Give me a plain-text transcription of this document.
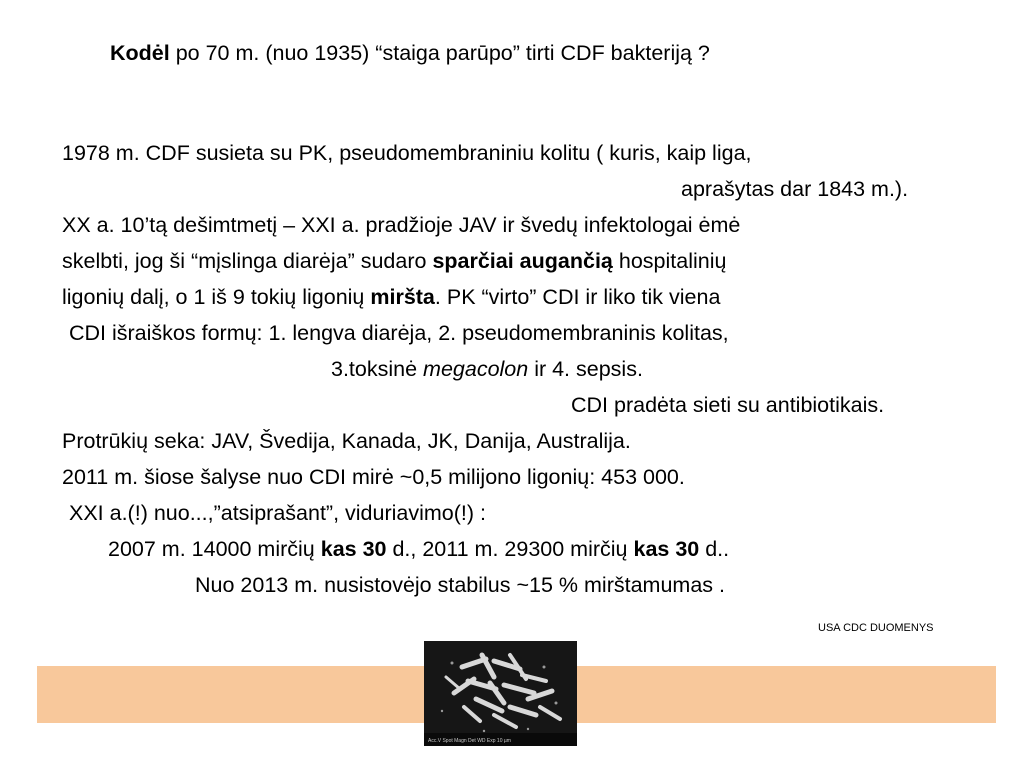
Kodėl po 70 m. (nuo 1935) “staiga parūpo” tirti CDF bakteriją ?
1978 m. CDF susieta su PK, pseudomembraniniu kolitu ( kuris, kaip liga,
aprašytas dar 1843 m.).
XX a. 10’tą dešimtmetį – XXI a. pradžioje JAV ir švedų infektologai ėmė
skelbti, jog ši “mįslinga diarėja” sudaro sparčiai augančią hospitalinių
ligonių dalį, o 1 iš 9 tokių ligonių miršta. PK “virto” CDI ir liko tik viena
CDI išraiškos formų: 1. lengva diarėja, 2. pseudomembraninis kolitas,
3.toksinė megacolon ir 4. sepsis.
CDI pradėta sieti su antibiotikais.
Protrūkių seka: JAV, Švedija, Kanada, JK, Danija, Australija.
2011 m. šiose šalyse nuo CDI mirė ~0,5 milijono ligonių: 453 000.
XXI a.(!) nuo...,”atsiprašant”, viduriavimo(!) :
2007 m. 14000 mirčių kas 30 d., 2011 m. 29300 mirčių kas 30 d..
Nuo 2013 m. nusistovėjo stabilus ~15 % mirštamumas .
USA CDC DUOMENYS
Acc.V Spot Magn Det WD Exp 10 µm
